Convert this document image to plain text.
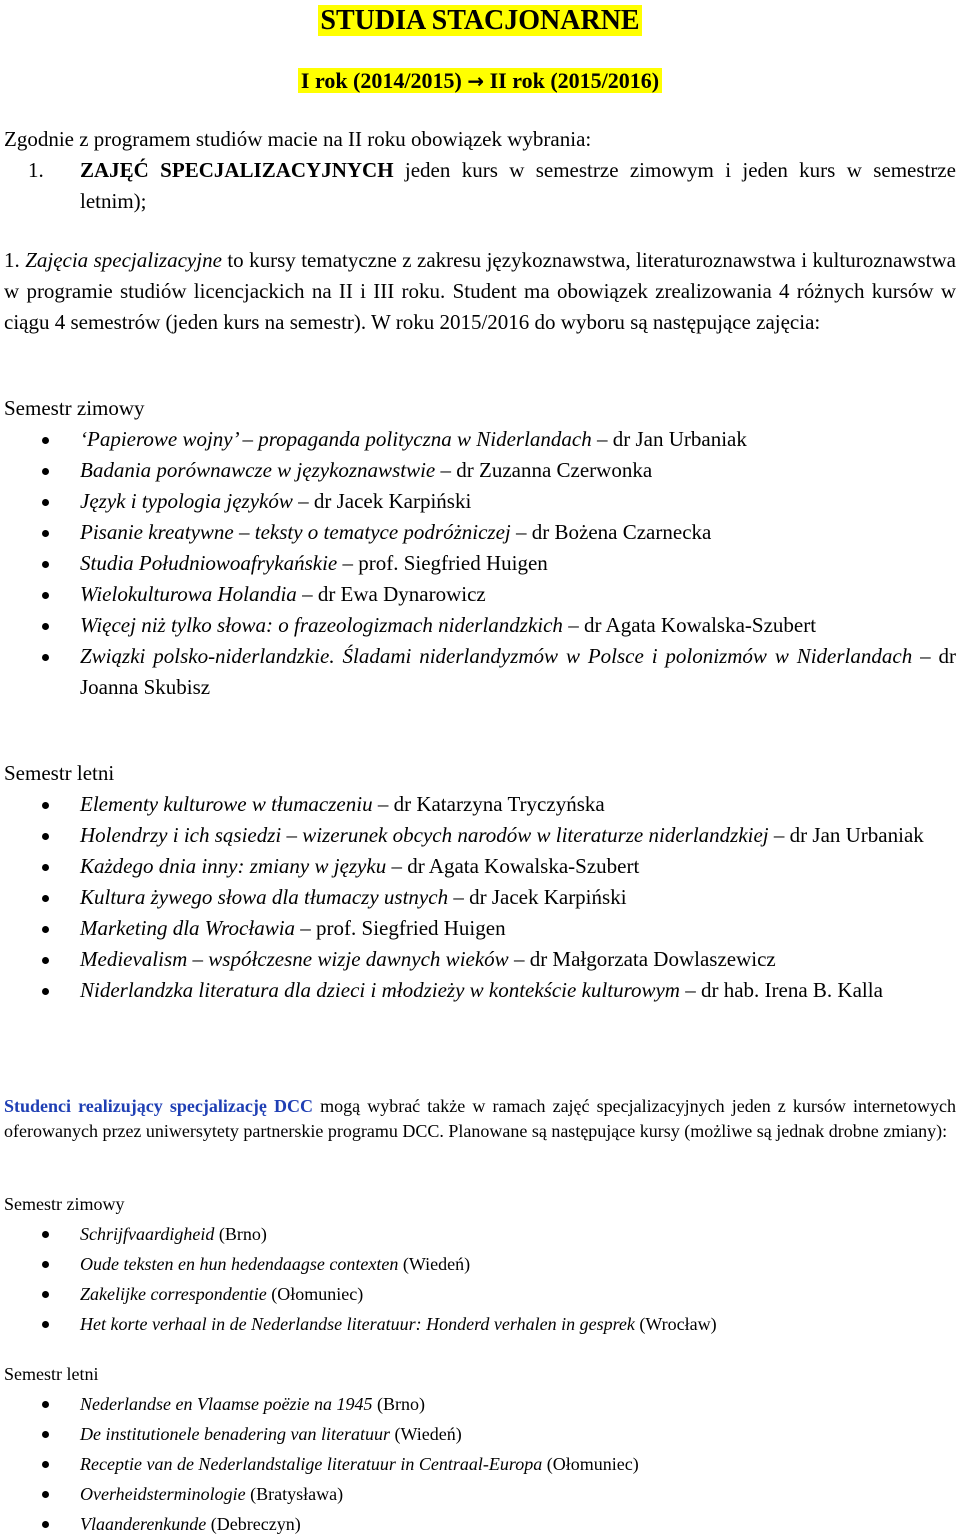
STUDIA STACJONARNE
I rok (2014/2015) → II rok (2015/2016)
Zgodnie z programem studiów macie na II roku obowiązek wybrania:
1. ZAJĘĆ SPECJALIZACYJNYCH jeden kurs w semestrze zimowym i jeden kurs w semestrze letnim);
1. Zajęcia specjalizacyjne to kursy tematyczne z zakresu językoznawstwa, literaturoznawstwa i kulturoznawstwa w programie studiów licencjackich na II i III roku. Student ma obowiązek zrealizowania 4 różnych kursów w ciągu 4 semestrów (jeden kurs na semestr). W roku 2015/2016 do wyboru są następujące zajęcia:
Semestr zimowy
‘Papierowe wojny’ – propaganda polityczna w Niderlandach – dr Jan Urbaniak
Badania porównawcze w językoznawstwie – dr Zuzanna Czerwonka
Język i typologia języków – dr Jacek Karpiński
Pisanie kreatywne – teksty o tematyce podróżniczej – dr Bożena Czarnecka
Studia Południowoafrykańskie – prof. Siegfried Huigen
Wielokulturowa Holandia – dr Ewa Dynarowicz
Więcej niż tylko słowa: o frazeologizmach niderlandzkich – dr Agata Kowalska-Szubert
Związki polsko-niderlandzkie. Śladami niderlandyzmów w Polsce i polonizmów w Niderlandach – dr Joanna Skubisz
Semestr letni
Elementy kulturowe w tłumaczeniu – dr Katarzyna Tryczyńska
Holendrzy i ich sąsiedzi – wizerunek obcych narodów w literaturze niderlandzkiej – dr Jan Urbaniak
Każdego dnia inny: zmiany w języku – dr Agata Kowalska-Szubert
Kultura żywego słowa dla tłumaczy ustnych – dr Jacek Karpiński
Marketing dla Wrocławia – prof. Siegfried Huigen
Medievalism – współczesne wizje dawnych wieków – dr Małgorzata Dowlaszewicz
Niderlandzka literatura dla dzieci i młodzieży w kontekście kulturowym – dr hab. Irena B. Kalla
Studenci realizujący specjalizację DCC mogą wybrać także w ramach zajęć specjalizacyjnych jeden z kursów internetowych oferowanych przez uniwersytety partnerskie programu DCC. Planowane są następujące kursy (możliwe są jednak drobne zmiany):
Semestr zimowy
Schrijfvaardigheid (Brno)
Oude teksten en hun hedendaagse contexten (Wiedeń)
Zakelijke correspondentie (Ołomuniec)
Het korte verhaal in de Nederlandse literatuur: Honderd verhalen in gesprek (Wrocław)
Semestr letni
Nederlandse en Vlaamse poëzie na 1945 (Brno)
De institutionele benadering van literatuur (Wiedeń)
Receptie van de Nederlandstalige literatuur in Centraal-Europa (Ołomuniec)
Overheidsterminologie (Bratysława)
Vlaanderenkunde (Debreczyn)
